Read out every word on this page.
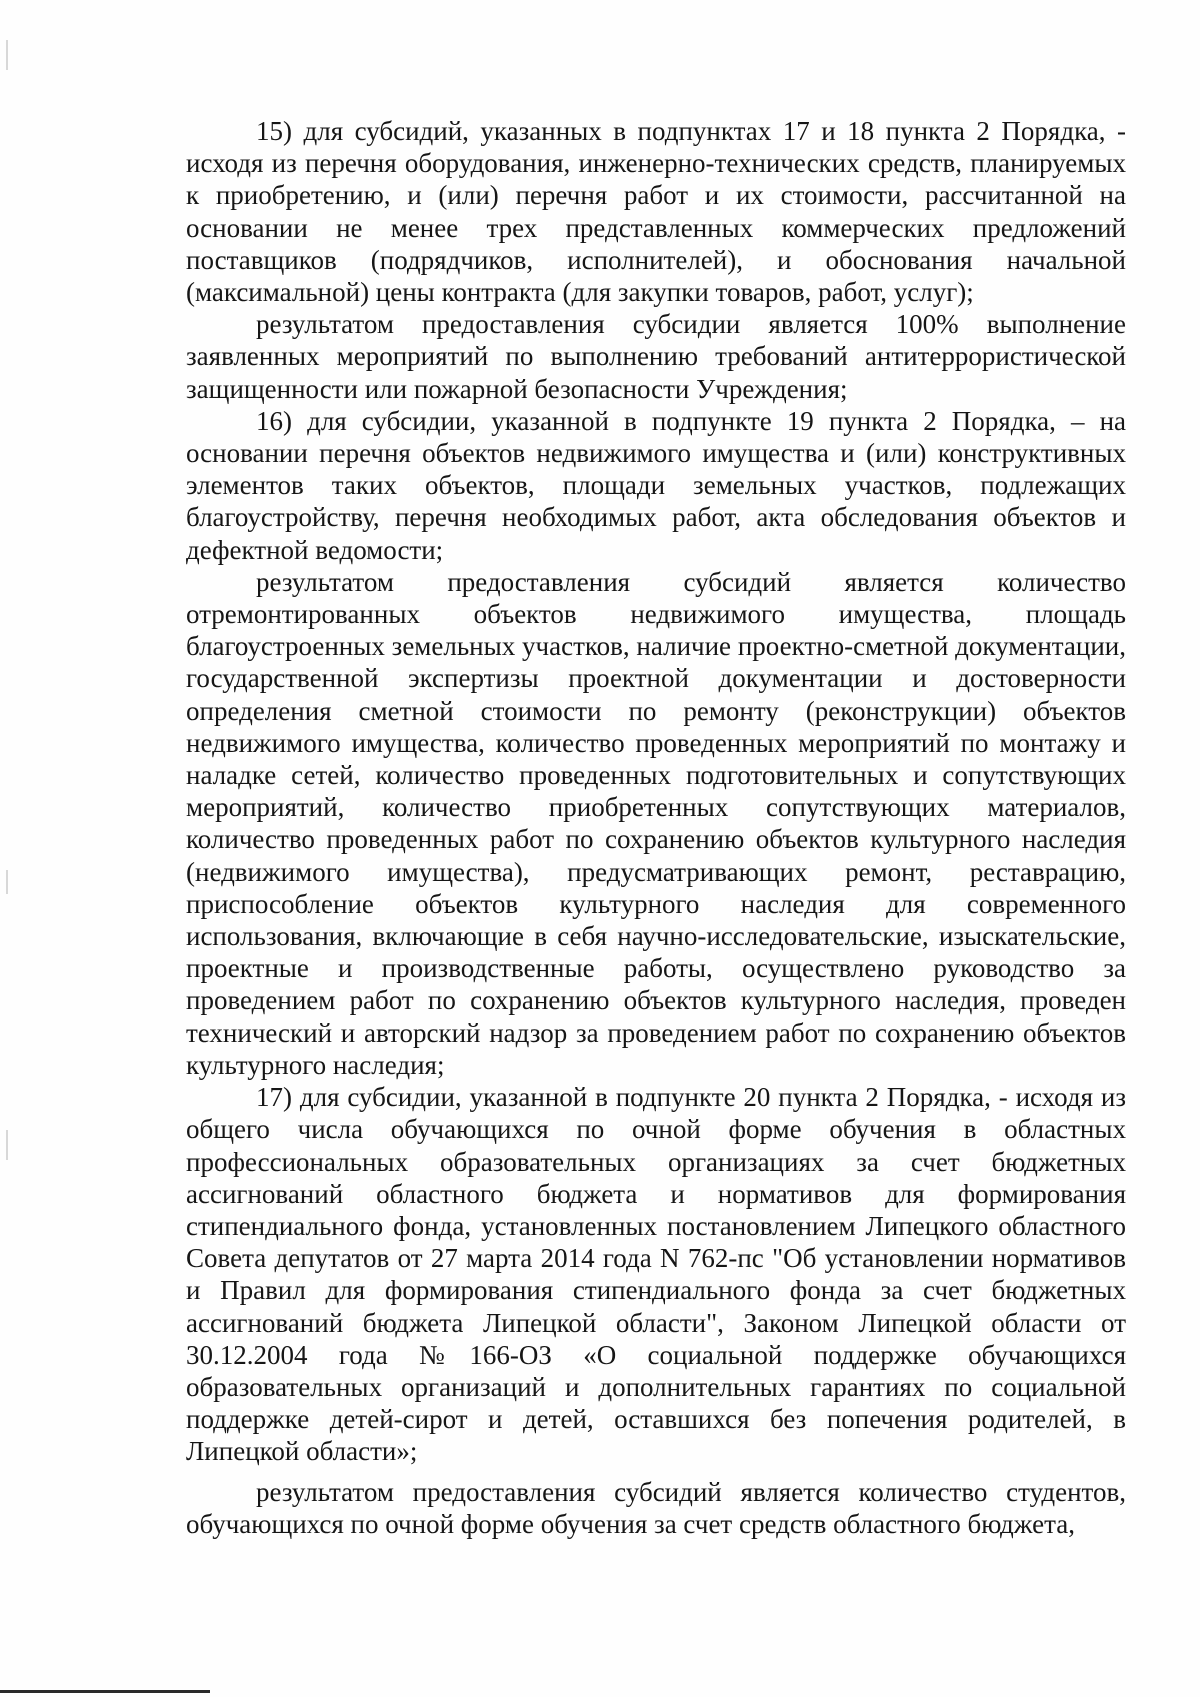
15) для субсидий, указанных в подпунктах 17 и 18 пункта 2 Порядка, - исходя из перечня оборудования, инженерно-технических средств, планируемых к приобретению, и (или) перечня работ и их стоимости, рассчитанной на основании не менее трех представленных коммерческих предложений поставщиков (подрядчиков, исполнителей), и обоснования начальной (максимальной) цены контракта (для закупки товаров, работ, услуг);

результатом предоставления субсидии является 100% выполнение заявленных мероприятий по выполнению требований антитеррористической защищенности или пожарной безопасности Учреждения;

16) для субсидии, указанной в подпункте 19 пункта 2 Порядка, – на основании перечня объектов недвижимого имущества и (или) конструктивных элементов таких объектов, площади земельных участков, подлежащих благоустройству, перечня необходимых работ, акта обследования объектов и дефектной ведомости;

результатом предоставления субсидий является количество отремонтированных объектов недвижимого имущества, площадь благоустроенных земельных участков, наличие проектно-сметной документации, государственной экспертизы проектной документации и достоверности определения сметной стоимости по ремонту (реконструкции) объектов недвижимого имущества, количество проведенных мероприятий по монтажу и наладке сетей, количество проведенных подготовительных и сопутствующих мероприятий, количество приобретенных сопутствующих материалов, количество проведенных работ по сохранению объектов культурного наследия (недвижимого имущества), предусматривающих ремонт, реставрацию, приспособление объектов культурного наследия для современного использования, включающие в себя научно-исследовательские, изыскательские, проектные и производственные работы, осуществлено руководство за проведением работ по сохранению объектов культурного наследия, проведен технический и авторский надзор за проведением работ по сохранению объектов культурного наследия;

17) для субсидии, указанной в подпункте 20 пункта 2 Порядка, - исходя из общего числа обучающихся по очной форме обучения в областных профессиональных образовательных организациях за счет бюджетных ассигнований областного бюджета и нормативов для формирования стипендиального фонда, установленных постановлением Липецкого областного Совета депутатов от 27 марта 2014 года N 762-пс "Об установлении нормативов и Правил для формирования стипендиального фонда за счет бюджетных ассигнований бюджета Липецкой области", Законом Липецкой области от 30.12.2004 года №166-ОЗ «О социальной поддержке обучающихся образовательных организаций и дополнительных гарантиях по социальной поддержке детей-сирот и детей, оставшихся без попечения родителей, в Липецкой области»;

результатом предоставления субсидий является количество студентов, обучающихся по очной форме обучения за счет средств областного бюджета,
